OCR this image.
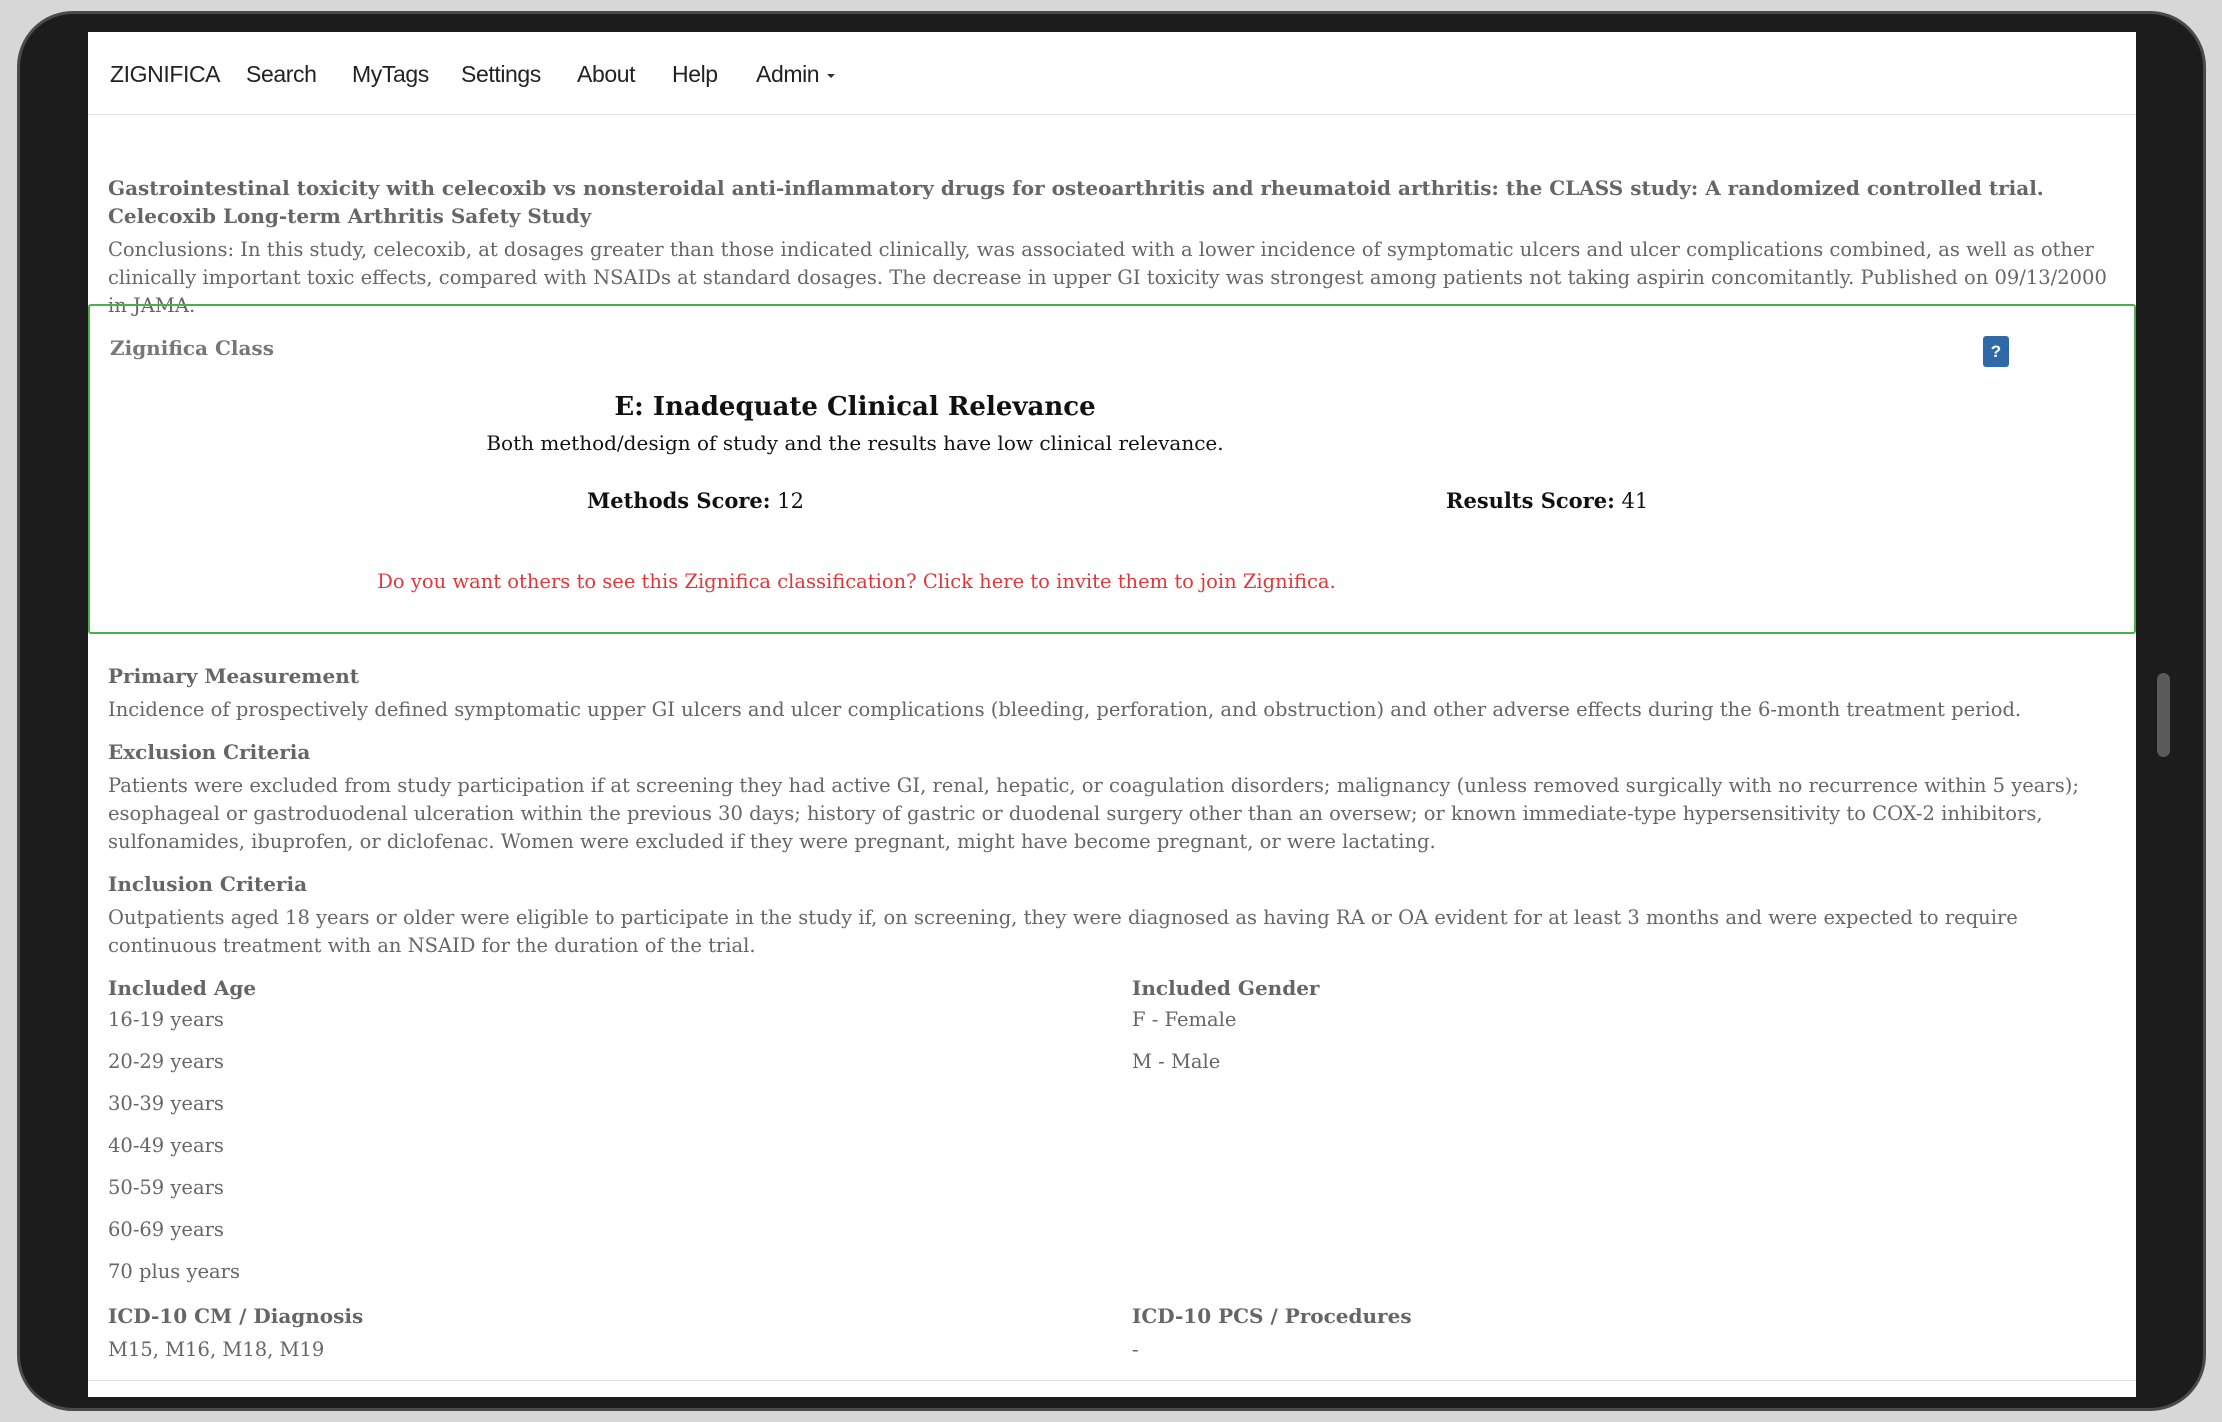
ZIGNIFICA Search MyTags Settings About Help Admin
Gastrointestinal toxicity with celecoxib vs nonsteroidal anti-inflammatory drugs for osteoarthritis and rheumatoid arthritis: the CLASS study: A randomized controlled trial. Celecoxib Long-term Arthritis Safety Study
Conclusions: In this study, celecoxib, at dosages greater than those indicated clinically, was associated with a lower incidence of symptomatic ulcers and ulcer complications combined, as well as other clinically important toxic effects, compared with NSAIDs at standard dosages. The decrease in upper GI toxicity was strongest among patients not taking aspirin concomitantly. Published on 09/13/2000 in JAMA.
Zignifica Class	?
E: Inadequate Clinical Relevance
Both method/design of study and the results have low clinical relevance.
Methods Score: 12	Results Score: 41
Do you want others to see this Zignifica classification? Click here to invite them to join Zignifica.
Primary Measurement
Incidence of prospectively defined symptomatic upper GI ulcers and ulcer complications (bleeding, perforation, and obstruction) and other adverse effects during the 6-month treatment period.
Exclusion Criteria
Patients were excluded from study participation if at screening they had active GI, renal, hepatic, or coagulation disorders; malignancy (unless removed surgically with no recurrence within 5 years); esophageal or gastroduodenal ulceration within the previous 30 days; history of gastric or duodenal surgery other than an oversew; or known immediate-type hypersensitivity to COX-2 inhibitors, sulfonamides, ibuprofen, or diclofenac. Women were excluded if they were pregnant, might have become pregnant, or were lactating.
Inclusion Criteria
Outpatients aged 18 years or older were eligible to participate in the study if, on screening, they were diagnosed as having RA or OA evident for at least 3 months and were expected to require continuous treatment with an NSAID for the duration of the trial.
Included Age
16-19 years
20-29 years
30-39 years
40-49 years
50-59 years
60-69 years
70 plus years
Included Gender
F - Female
M - Male
ICD-10 CM / Diagnosis
M15, M16, M18, M19
ICD-10 PCS / Procedures
-
